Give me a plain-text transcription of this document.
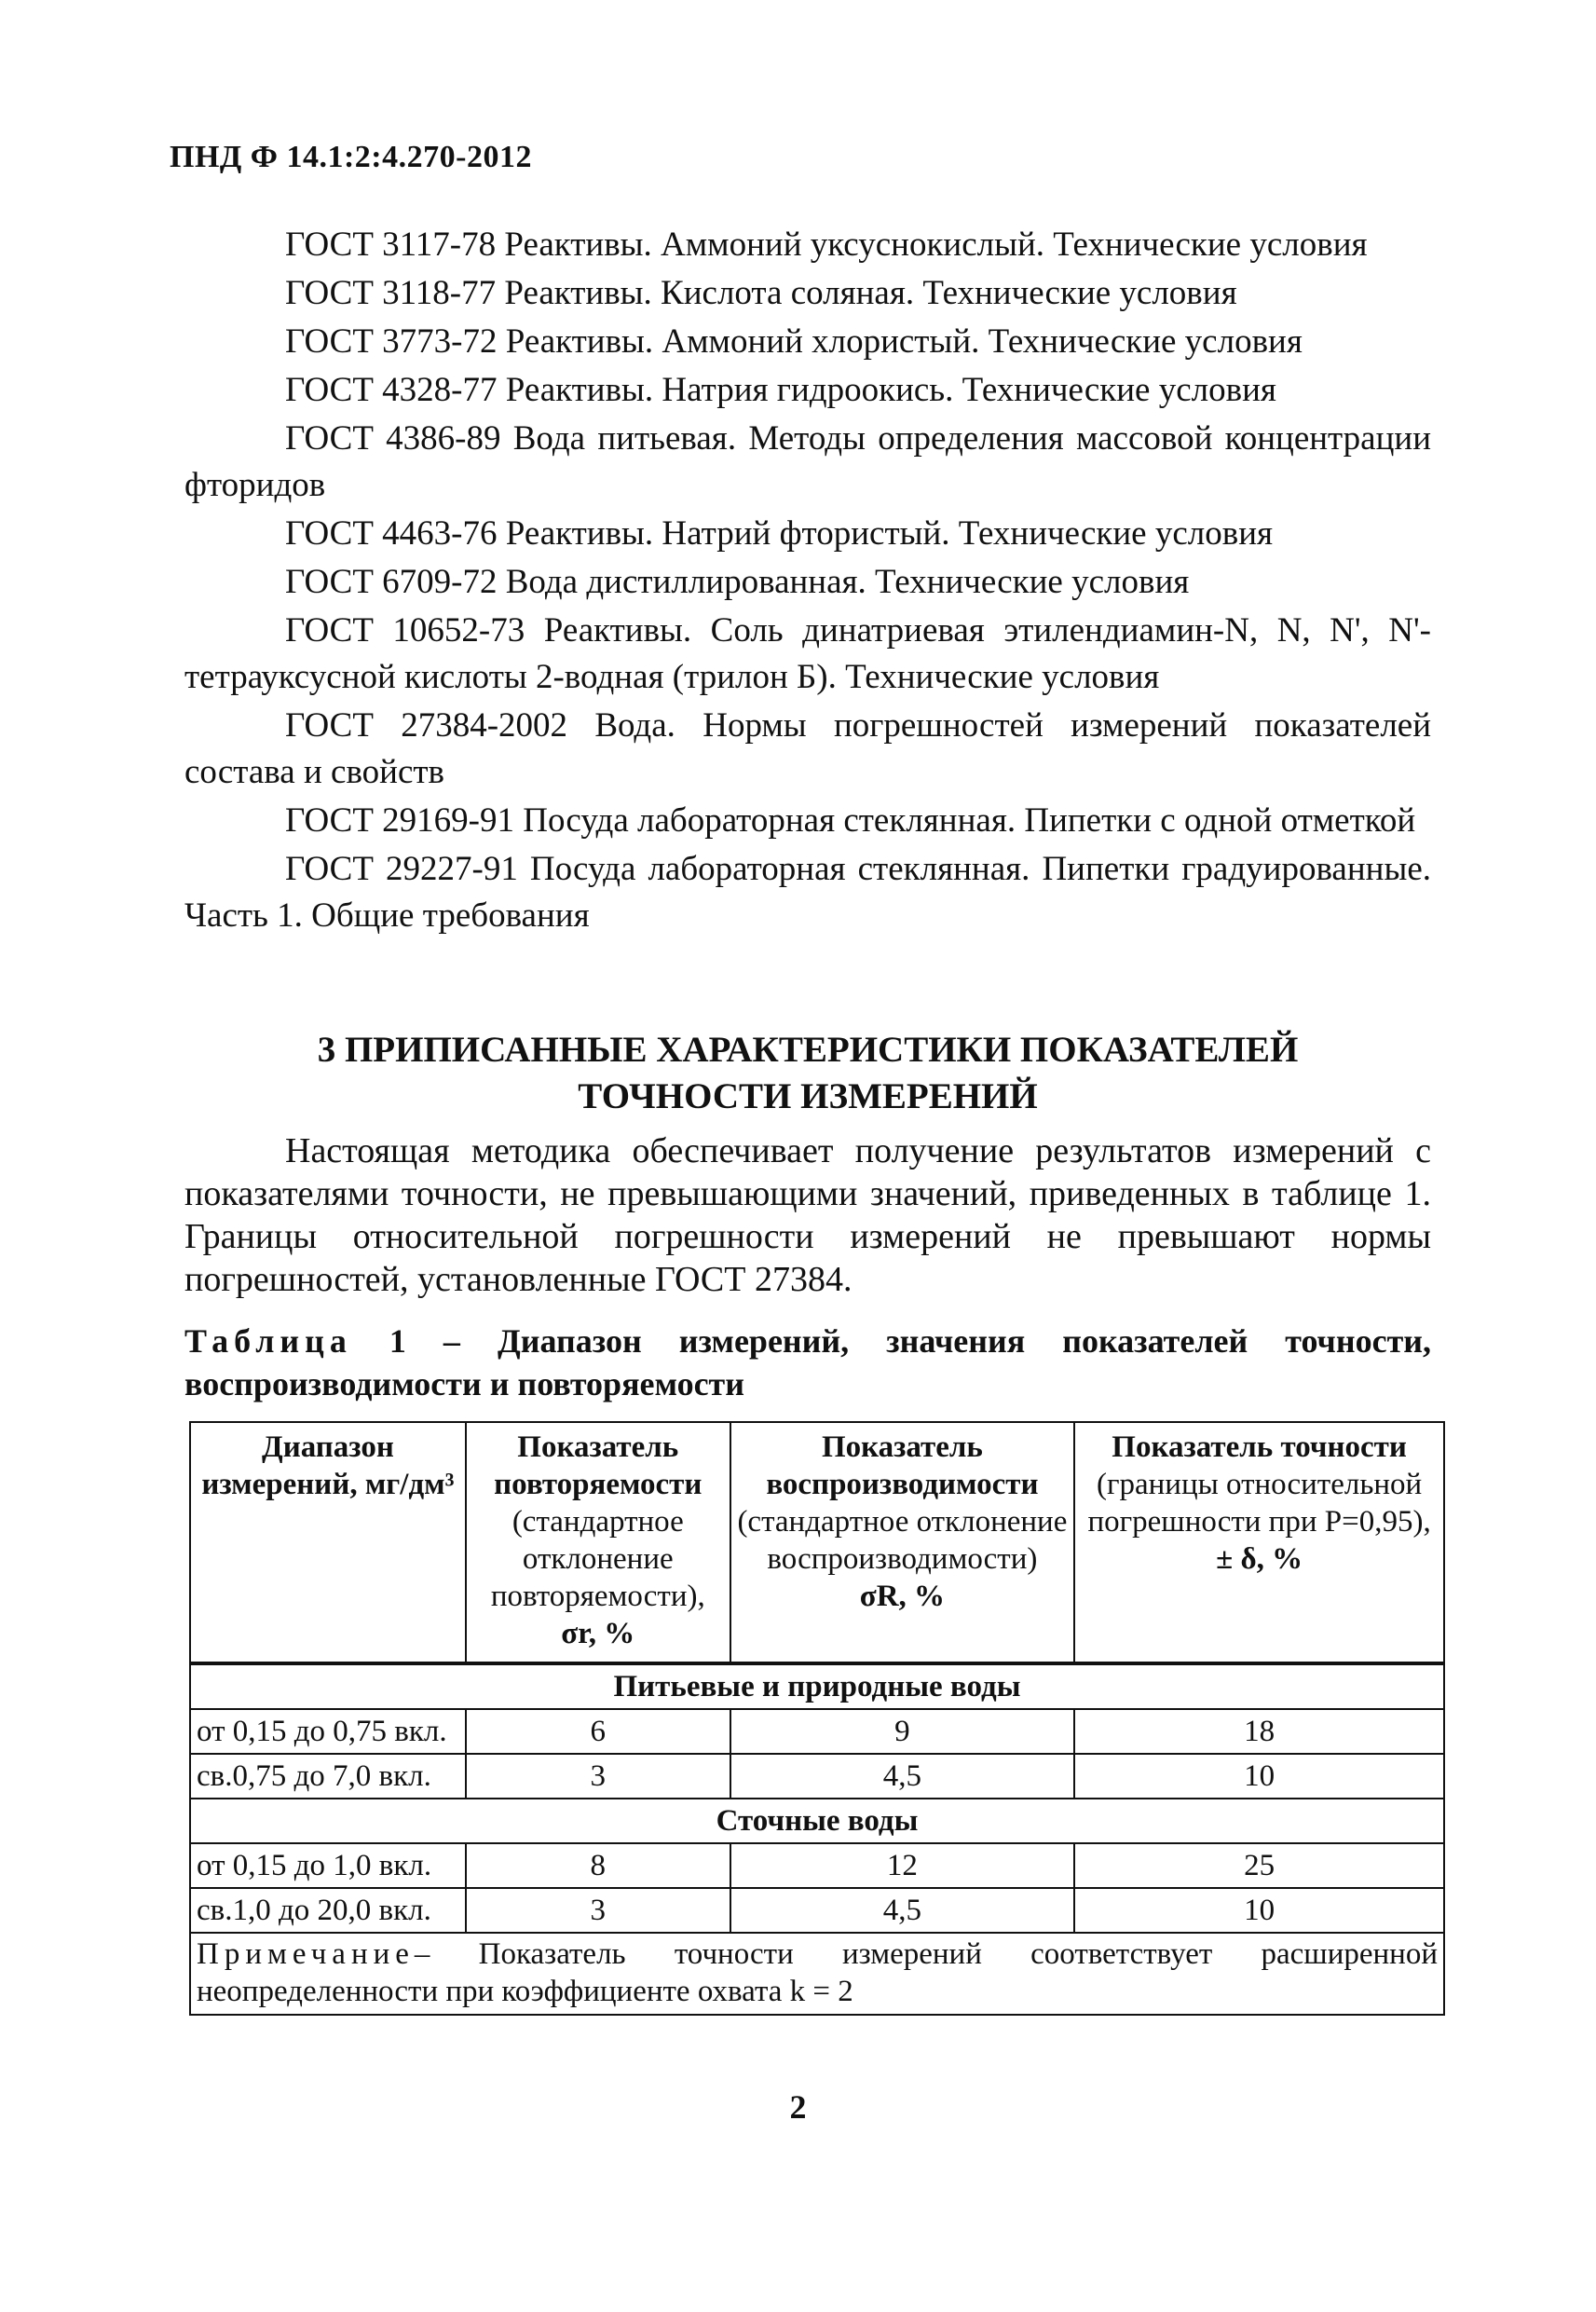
ПНД Ф 14.1:2:4.270-2012

ГОСТ 3117-78 Реактивы. Аммоний уксуснокислый. Технические условия

ГОСТ 3118-77 Реактивы. Кислота соляная. Технические условия

ГОСТ 3773-72 Реактивы. Аммоний хлористый. Технические условия

ГОСТ 4328-77 Реактивы. Натрия гидроокись. Технические условия

ГОСТ 4386-89 Вода питьевая. Методы определения массовой концентрации фторидов

ГОСТ 4463-76 Реактивы. Натрий фтористый. Технические условия

ГОСТ 6709-72 Вода дистиллированная. Технические условия

ГОСТ 10652-73 Реактивы. Соль динатриевая этилендиамин-N, N, N', N'- тетрауксусной кислоты 2-водная (трилон Б). Технические условия

ГОСТ 27384-2002 Вода. Нормы погрешностей измерений показателей состава и свойств

ГОСТ 29169-91 Посуда лабораторная стеклянная. Пипетки с одной отметкой

ГОСТ 29227-91 Посуда лабораторная стеклянная. Пипетки градуированные. Часть 1. Общие требования

3 ПРИПИСАННЫЕ ХАРАКТЕРИСТИКИ ПОКАЗАТЕЛЕЙ
ТОЧНОСТИ ИЗМЕРЕНИЙ

Настоящая методика обеспечивает получение результатов измерений с показателями точности, не превышающими значений, приведенных в таблице 1. Границы относительной погрешности измерений не превышают нормы погрешностей, установленные ГОСТ 27384.

Таблица 1 – Диапазон измерений, значения показателей точности, воспроизводимости и повторяемости

Диапазон измерений, мг/дм³	Показатель повторяемости
(стандартное отклонение повторяемости),
σr, %	Показатель воспроизводимости
(стандартное отклонение воспроизводимости)
σR, %	Показатель точности
(границы относительной погрешности при P=0,95),
± δ, %
Питьевые и природные воды			
от 0,15 до 0,75 вкл.	6	9	18
св.0,75 до 7,0 вкл.	3	4,5	10
Сточные воды			
от 0,15 до 1,0 вкл.	8	12	25
св.1,0 до 20,0 вкл.	3	4,5	10
Примечание– Показатель точности измерений соответствует расширенной неопределенности при коэффициенте охвата k = 2			
2
